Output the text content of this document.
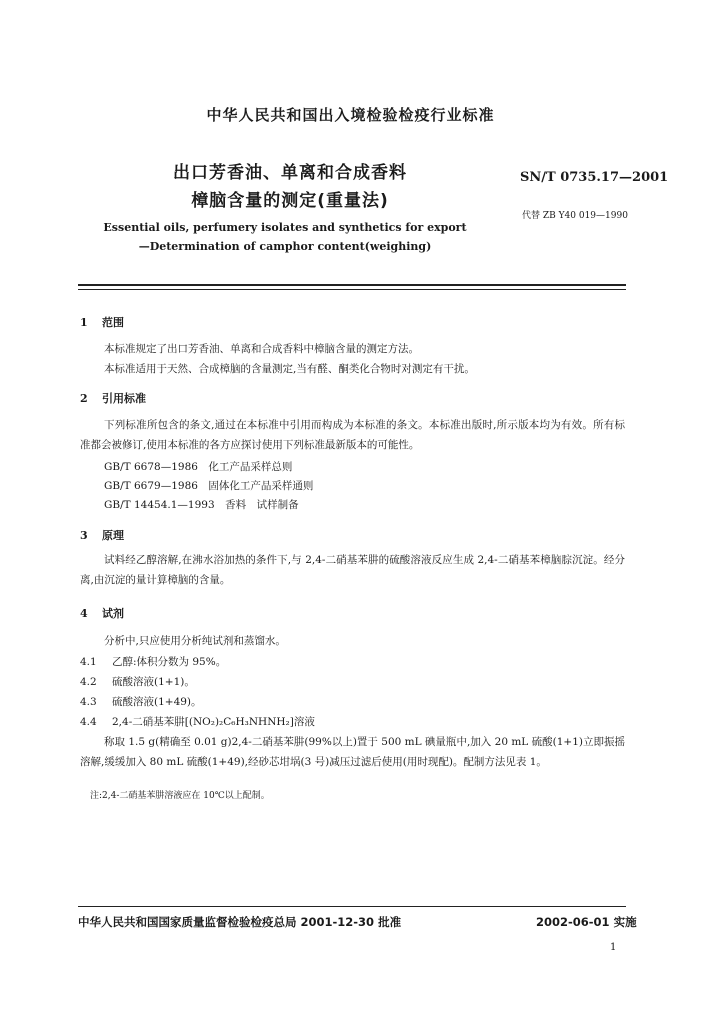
中华人民共和国出入境检验检疫行业标准
出口芳香油、单离和合成香料
樟脑含量的测定(重量法)
SN/T 0735.17—2001
代替 ZB Y40 019—1990
Essential oils, perfumery isolates and synthetics for export
—Determination of camphor content(weighing)
1 范围
本标准规定了出口芳香油、单离和合成香料中樟脑含量的测定方法。
本标准适用于天然、合成樟脑的含量测定,当有醛、酮类化合物时对测定有干扰。
2 引用标准
下列标准所包含的条文,通过在本标准中引用而构成为本标准的条文。本标准出版时,所示版本均为有效。所有标准都会被修订,使用本标准的各方应探讨使用下列标准最新版本的可能性。
GB/T 6678—1986　化工产品采样总则
GB/T 6679—1986　固体化工产品采样通则
GB/T 14454.1—1993　香料　试样制备
3 原理
试料经乙醇溶解,在沸水浴加热的条件下,与 2,4-二硝基苯肼的硫酸溶液反应生成 2,4-二硝基苯樟脑腙沉淀。经分离,由沉淀的量计算樟脑的含量。
4 试剂
分析中,只应使用分析纯试剂和蒸馏水。
4.1 乙醇:体积分数为 95%。
4.2 硫酸溶液(1+1)。
4.3 硫酸溶液(1+49)。
4.4 2,4-二硝基苯肼[(NO₂)₂C₆H₃NHNH₂]溶液
称取 1.5 g(精确至 0.01 g)2,4-二硝基苯肼(99%以上)置于 500 mL 碘量瓶中,加入 20 mL 硫酸(1+1)立即振摇溶解,缓缓加入 80 mL 硫酸(1+49),经砂芯坩埚(3 号)减压过滤后使用(用时现配)。配制方法见表 1。
注:2,4-二硝基苯肼溶液应在 10℃以上配制。
中华人民共和国国家质量监督检验检疫总局 2001-12-30 批准	2002-06-01 实施
1
